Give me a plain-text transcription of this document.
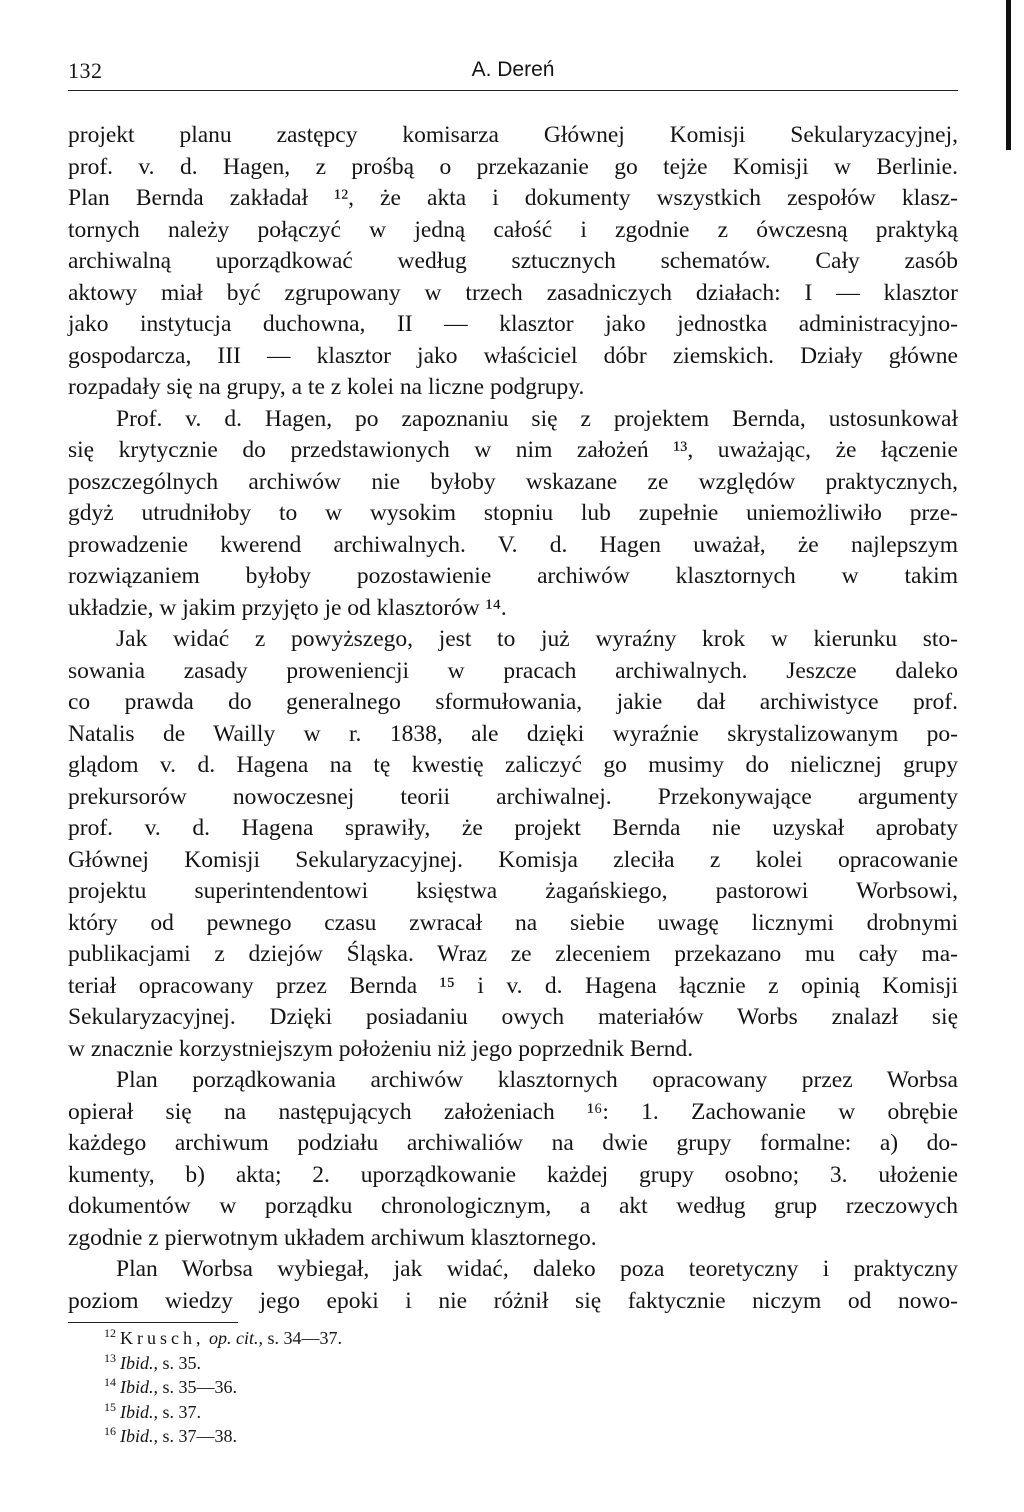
132	A. Dereń
projekt planu zastępcy komisarza Głównej Komisji Sekularyzacyjnej,
prof. v. d. Hagen, z prośbą o przekazanie go tejże Komisji w Berlinie.
Plan Bernda zakładał ¹², że akta i dokumenty wszystkich zespołów klasz-
tornych należy połączyć w jedną całość i zgodnie z ówczesną praktyką
archiwalną uporządkować według sztucznych schematów. Cały zasób
aktowy miał być zgrupowany w trzech zasadniczych działach: I — klasztor
jako instytucja duchowna, II — klasztor jako jednostka administracyjno-
gospodarcza, III — klasztor jako właściciel dóbr ziemskich. Działy główne
rozpadały się na grupy, a te z kolei na liczne podgrupy.
Prof. v. d. Hagen, po zapoznaniu się z projektem Bernda, ustosunkował
się krytycznie do przedstawionych w nim założeń ¹³, uważając, że łączenie
poszczególnych archiwów nie byłoby wskazane ze względów praktycznych,
gdyż utrudniłoby to w wysokim stopniu lub zupełnie uniemożliwiło prze-
prowadzenie kwerend archiwalnych. V. d. Hagen uważał, że najlepszym
rozwiązaniem byłoby pozostawienie archiwów klasztornych w takim
układzie, w jakim przyjęto je od klasztorów ¹⁴.
Jak widać z powyższego, jest to już wyraźny krok w kierunku sto-
sowania zasady proweniencji w pracach archiwalnych. Jeszcze daleko
co prawda do generalnego sformułowania, jakie dał archiwistyce prof.
Natalis de Wailly w r. 1838, ale dzięki wyraźnie skrystalizowanym po-
glądom v. d. Hagena na tę kwestię zaliczyć go musimy do nielicznej grupy
prekursorów nowoczesnej teorii archiwalnej. Przekonywające argumenty
prof. v. d. Hagena sprawiły, że projekt Bernda nie uzyskał aprobaty
Głównej Komisji Sekularyzacyjnej. Komisja zleciła z kolei opracowanie
projektu superintendentowi księstwa żagańskiego, pastorowi Worbsowi,
który od pewnego czasu zwracał na siebie uwagę licznymi drobnymi
publikacjami z dziejów Śląska. Wraz ze zleceniem przekazano mu cały ma-
teriał opracowany przez Bernda ¹⁵ i v. d. Hagena łącznie z opinią Komisji
Sekularyzacyjnej. Dzięki posiadaniu owych materiałów Worbs znalazł się
w znacznie korzystniejszym położeniu niż jego poprzednik Bernd.
Plan porządkowania archiwów klasztornych opracowany przez Worbsa
opierał się na następujących założeniach ¹⁶: 1. Zachowanie w obrębie
każdego archiwum podziału archiwaliów na dwie grupy formalne: a) do-
kumenty, b) akta; 2. uporządkowanie każdej grupy osobno; 3. ułożenie
dokumentów w porządku chronologicznym, a akt według grup rzeczowych
zgodnie z pierwotnym układem archiwum klasztornego.
Plan Worbsa wybiegał, jak widać, daleko poza teoretyczny i praktyczny
poziom wiedzy jego epoki i nie różnił się faktycznie niczym od nowo-
$^{12}$ Krusch, op. cit., s. 34—37.
$^{13}$ Ibid., s. 35.
$^{14}$ Ibid., s. 35—36.
$^{15}$ Ibid., s. 37.
$^{16}$ Ibid., s. 37—38.
